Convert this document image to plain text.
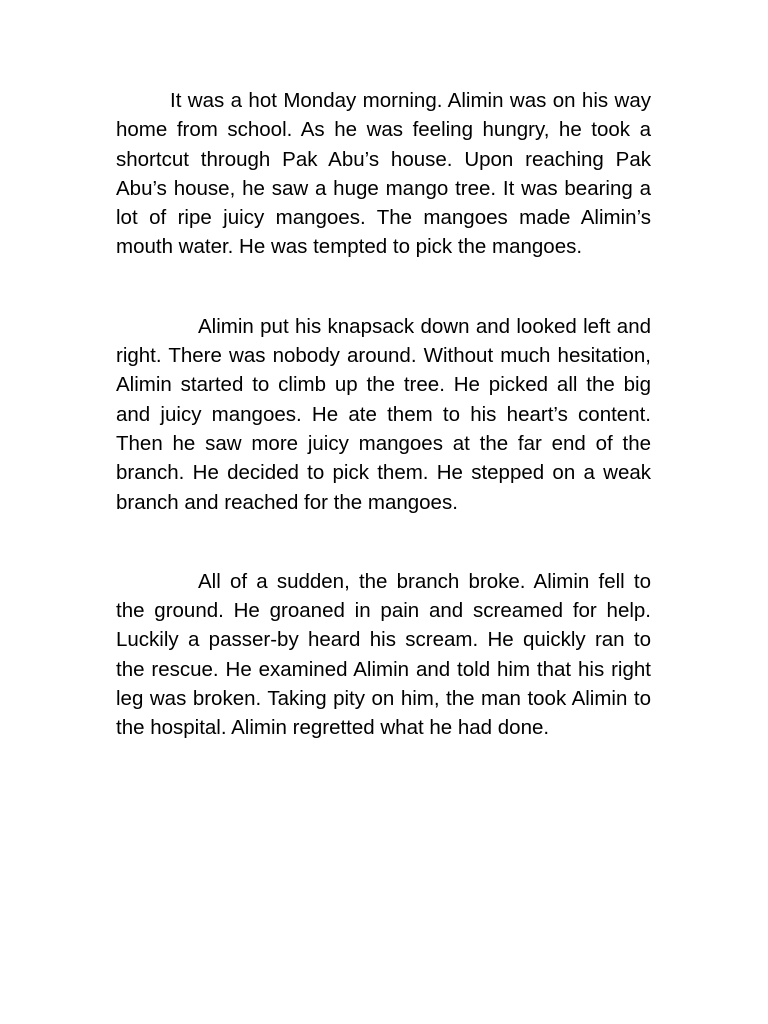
It was a hot Monday morning. Alimin was on his way home from school. As he was feeling hungry, he took a shortcut through Pak Abu’s house. Upon reaching Pak Abu’s house, he saw a huge mango tree. It was bearing a lot of ripe juicy mangoes. The mangoes made Alimin’s mouth water. He was tempted to pick the mangoes.

Alimin put his knapsack down and looked left and right. There was nobody around. Without much hesitation, Alimin started to climb up the tree. He picked all the big and juicy mangoes. He ate them to his heart’s content. Then he saw more juicy mangoes at the far end of the branch. He decided to pick them. He stepped on a weak branch and reached for the mangoes.

All of a sudden, the branch broke. Alimin fell to the ground. He groaned in pain and screamed for help. Luckily a passer-by heard his scream. He quickly ran to the rescue. He examined Alimin and told him that his right leg was broken. Taking pity on him, the man took Alimin to the hospital. Alimin regretted what he had done.
